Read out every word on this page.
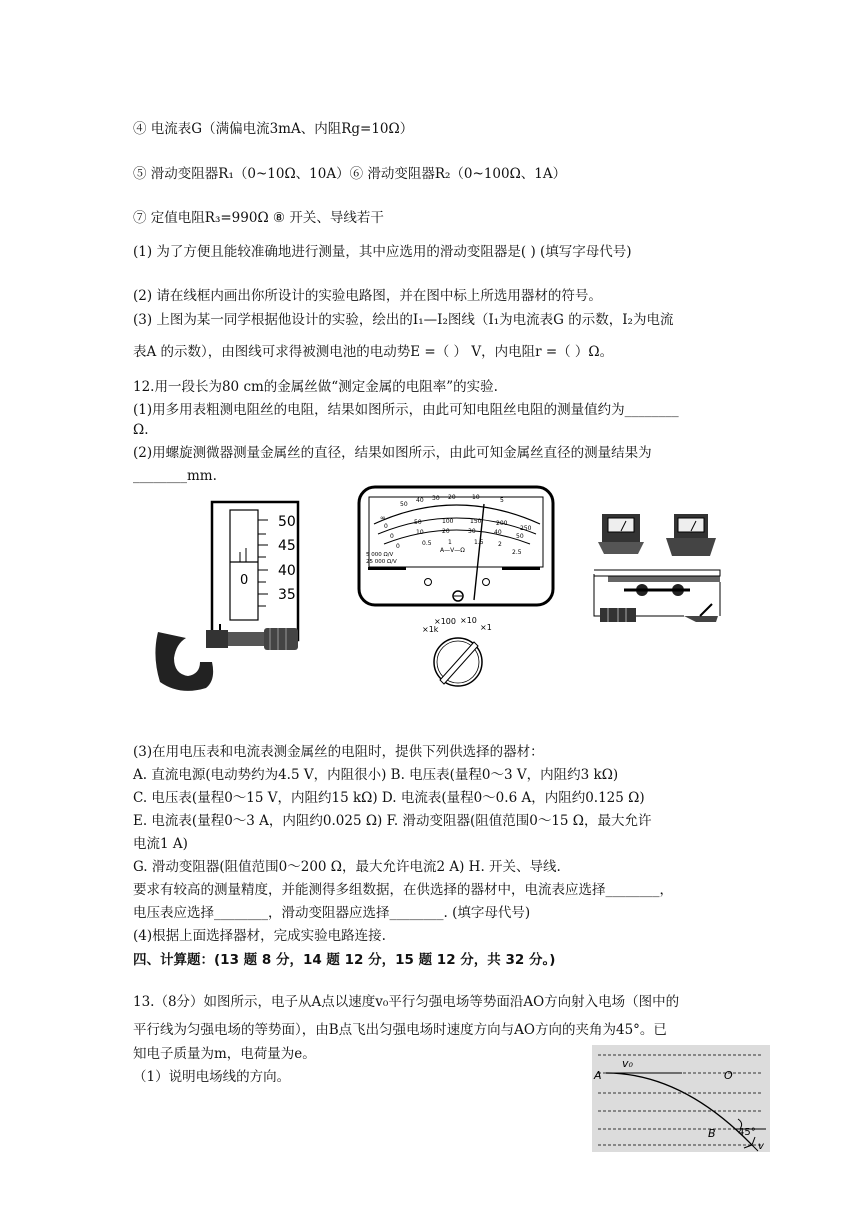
④ 电流表G（满偏电流3mA、内阻Rg=10Ω）
⑤ 滑动变阻器R₁（0~10Ω、10A）⑥ 滑动变阻器R₂（0~100Ω、1A）
⑦ 定值电阻R₃=990Ω ⑧ 开关、导线若干
(1) 为了方便且能较准确地进行测量，其中应选用的滑动变阻器是( ) (填写字母代号)
(2) 请在线框内画出你所设计的实验电路图，并在图中标上所选用器材的符号。
(3) 上图为某一同学根据他设计的实验，绘出的I₁—I₂图线（I₁为电流表G 的示数，I₂为电流
表A 的示数），由图线可求得被测电池的电动势E =（ ） V，内电阻r =（ ）Ω。
12.用一段长为80 cm的金属丝做“测定金属的电阻率”的实验.
(1)用多用表粗测电阻丝的电阻，结果如图所示，由此可知电阻丝电阻的测量值约为________
Ω.
(2)用螺旋测微器测量金属丝的直径，结果如图所示，由此可知金属丝直径的测量结果为
________mm.
50
45
40
35
0
50
40 30 20	10	5
∞
0
50	100	150 200
250
0
10	20	30	40
50
0	0.5	1	1.5 2
2.5
5 000 Ω/V
25 000 Ω/V
A—V—Ω
×1k
×100 ×10
×1
(3)在用电压表和电流表测金属丝的电阻时，提供下列供选择的器材：
A. 直流电源(电动势约为4.5 V，内阻很小) B. 电压表(量程0～3 V，内阻约3 kΩ)
C. 电压表(量程0～15 V，内阻约15 kΩ) D. 电流表(量程0～0.6 A，内阻约0.125 Ω)
E. 电流表(量程0～3 A，内阻约0.025 Ω) F. 滑动变阻器(阻值范围0～15 Ω，最大允许
电流1 A)
G. 滑动变阻器(阻值范围0～200 Ω，最大允许电流2 A) H. 开关、导线.
要求有较高的测量精度，并能测得多组数据，在供选择的器材中，电流表应选择________，
电压表应选择________，滑动变阻器应选择________. (填字母代号)
(4)根据上面选择器材，完成实验电路连接.
四、计算题：(13 题 8 分，14 题 12 分，15 题 12 分，共 32 分。)
13.（8分）如图所示，电子从A点以速度v₀平行匀强电场等势面沿AO方向射入电场（图中的
平行线为匀强电场的等势面），由B点飞出匀强电场时速度方向与AO方向的夹角为45°。已
知电子质量为m，电荷量为e。
（1）说明电场线的方向。
v₀
A	O
B 45°
v
